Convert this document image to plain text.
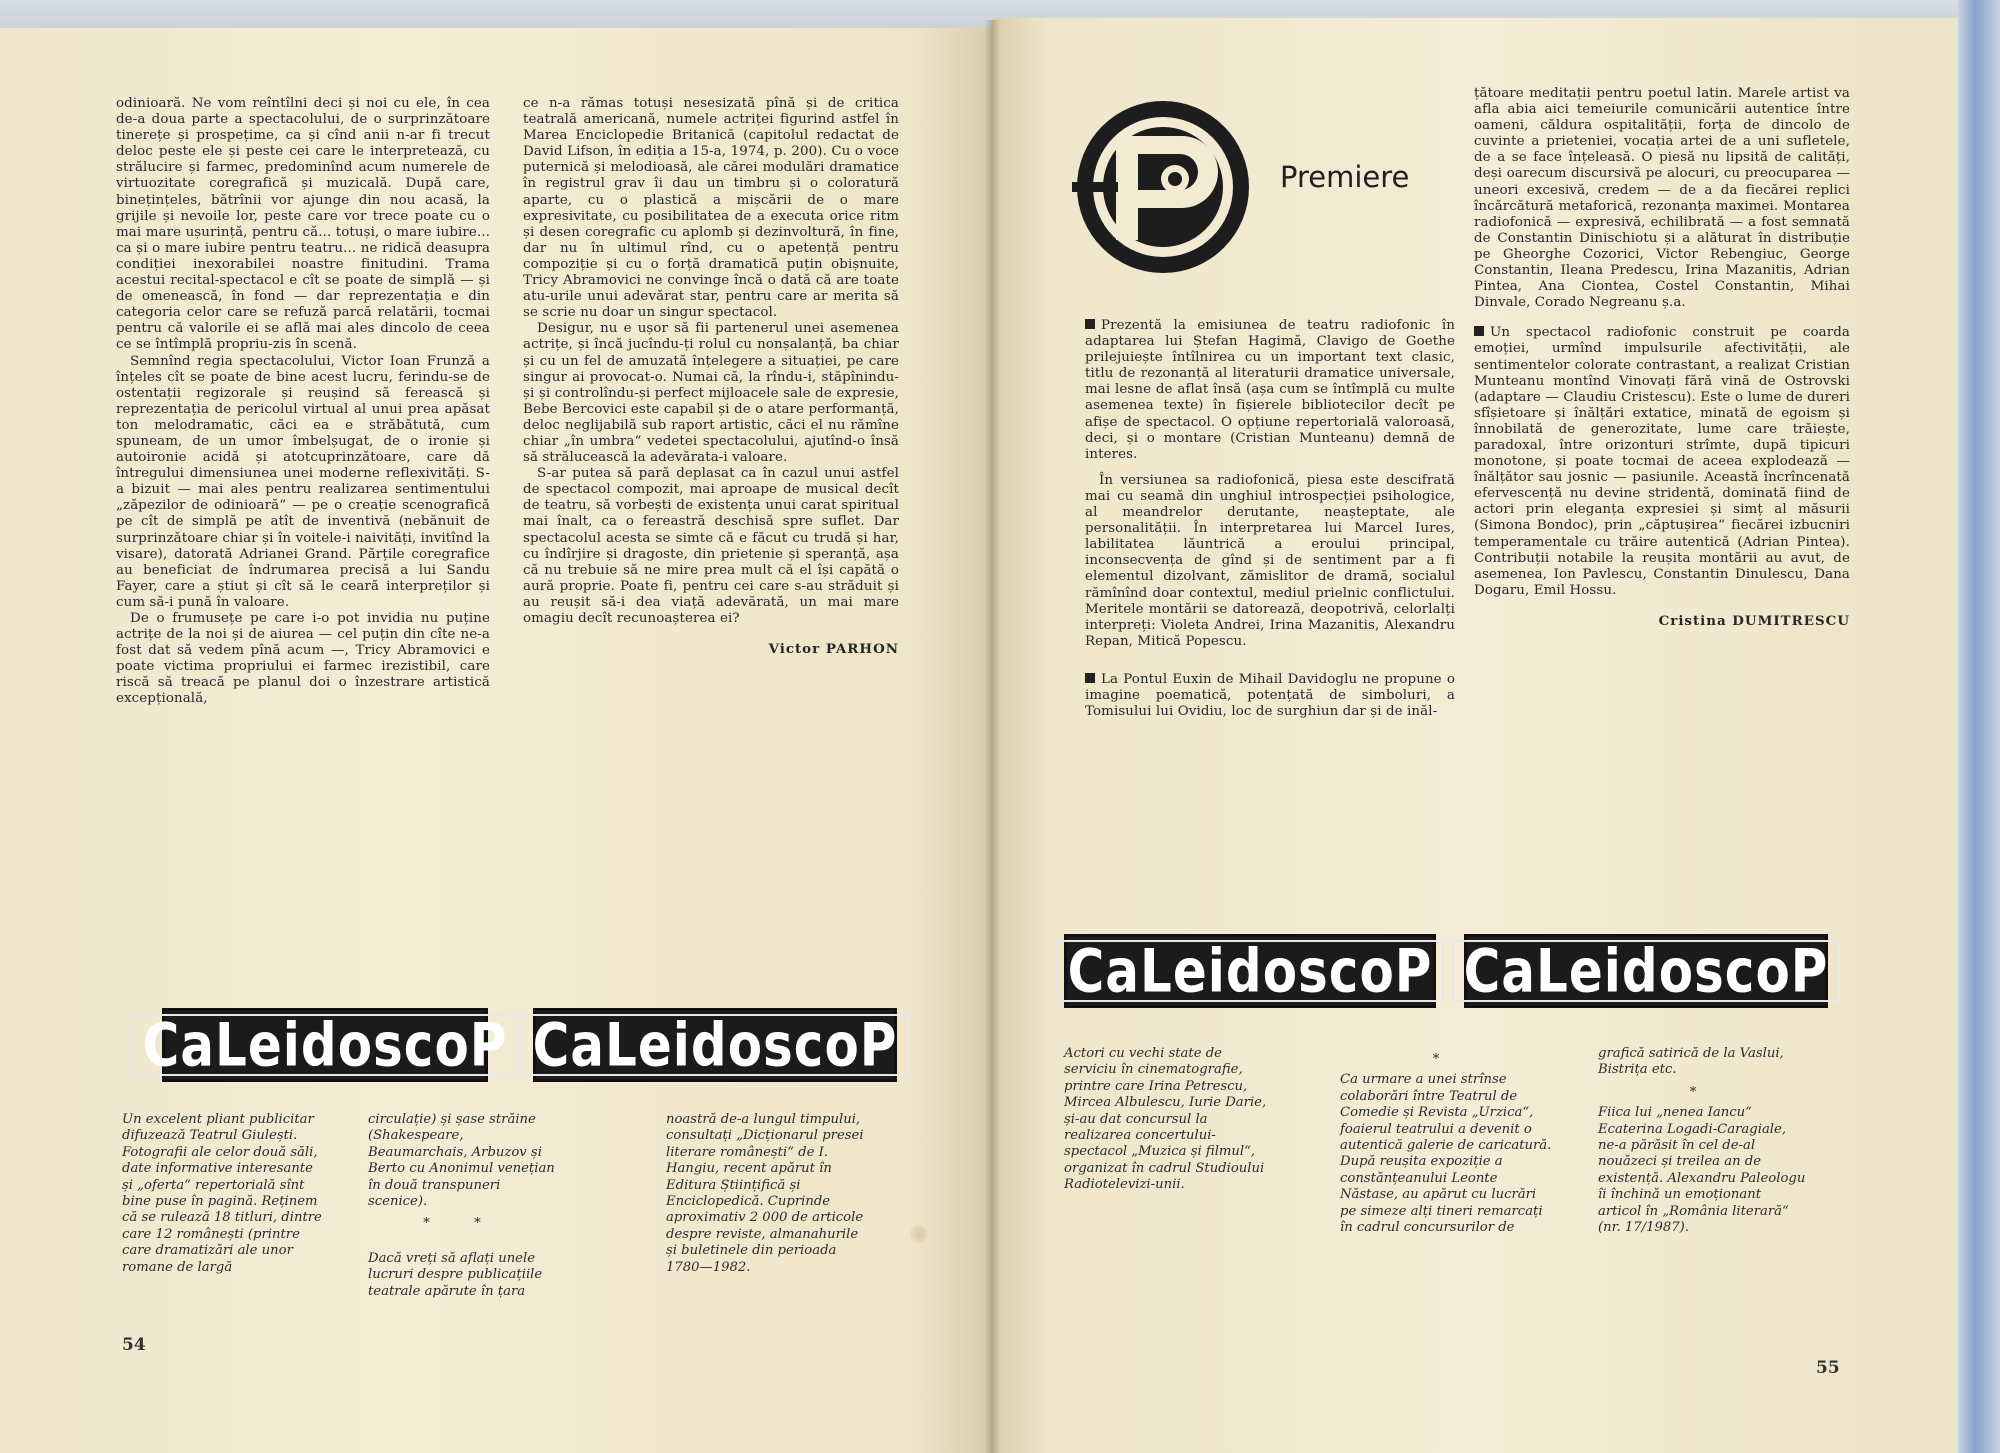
odinioară. Ne vom reîntîlni deci și noi cu ele, în cea de-a doua parte a spectacolului, de o surprinzătoare tinerețe și prospețime, ca și cînd anii n-ar fi trecut deloc peste ele și peste cei care le interpretează, cu strălucire și farmec, predominînd acum numerele de virtuozitate coregrafică și muzicală. După care, binețințeles, bătrînii vor ajunge din nou acasă, la grijile și nevoile lor, peste care vor trece poate cu o mai mare ușurință, pentru că... totuși, o mare iubire... ca și o mare iubire pentru teatru... ne ridică deasupra condiției inexorabilei noastre finitudini. Trama acestui recital-spectacol e cît se poate de simplă — și de omenească, în fond — dar reprezentația e din categoria celor care se refuză parcă relatării, tocmai pentru că valorile ei se află mai ales dincolo de ceea ce se întîmplă propriu-zis în scenă.

Semnînd regia spectacolului, Victor Ioan Frunză a înțeles cît se poate de bine acest lucru, ferindu-se de ostentații regizorale și reușind să ferească și reprezentația de pericolul virtual al unui prea apăsat ton melodramatic, căci ea e străbătută, cum spuneam, de un umor îmbelșugat, de o ironie și autoironie acidă și atotcuprinzătoare, care dă întregului dimensiunea unei moderne reflexivități. S-a bizuit — mai ales pentru realizarea sentimentului „zăpezilor de odinioară“ — pe o creație scenografică pe cît de simplă pe atît de inventivă (nebănuit de surprinzătoare chiar și în voitele-i naivități, invitînd la visare), datorată Adrianei Grand. Părțile coregrafice au beneficiat de îndrumarea precisă a lui Sandu Fayer, care a știut și cît să le ceară interpreților și cum să-i pună în valoare.

De o frumusețe pe care i-o pot invidia nu puține actrițe de la noi și de aiurea — cel puțin din cîte ne-a fost dat să vedem pînă acum —, Tricy Abramovici e poate victima propriului ei farmec irezistibil, care riscă să treacă pe planul doi o înzestrare artistică excepțională,

ce n-a rămas totuși nesesizată pînă și de critica teatrală americană, numele actriței figurind astfel în Marea Enciclopedie Britanică (capitolul redactat de David Lifson, în ediția a 15-a, 1974, p. 200). Cu o voce puternică și melodioasă, ale cărei modulări dramatice în registrul grav îi dau un timbru și o coloratură aparte, cu o plastică a mișcării de o mare expresivitate, cu posibilitatea de a executa orice ritm și desen coregrafic cu aplomb și dezinvoltură, în fine, dar nu în ultimul rînd, cu o apetență pentru compoziție și cu o forță dramatică puțin obișnuite, Tricy Abramovici ne convinge încă o dată că are toate atu-urile unui adevărat star, pentru care ar merita să se scrie nu doar un singur spectacol.

Desigur, nu e ușor să fii partenerul unei asemenea actrițe, și încă jucîndu-ți rolul cu nonșalanță, ba chiar și cu un fel de amuzată înțelegere a situației, pe care singur ai provocat-o. Numai că, la rîndu-i, stăpînindu-și și controlîndu-și perfect mijloacele sale de expresie, Bebe Bercovici este capabil și de o atare performanță, deloc neglijabilă sub raport artistic, căci el nu rămîne chiar „în umbra“ vedetei spectacolului, ajutînd-o însă să strălucească la adevărata-i valoare.

S-ar putea să pară deplasat ca în cazul unui astfel de spectacol compozit, mai aproape de musical decît de teatru, să vorbești de existența unui carat spiritual mai înalt, ca o fereastră deschisă spre suflet. Dar spectacolul acesta se simte că e făcut cu trudă și har, cu îndîrjire și dragoste, din prietenie și speranță, așa că nu trebuie să ne mire prea mult că el își capătă o aură proprie. Poate fi, pentru cei care s-au străduit și au reușit să-i dea viață adevărată, un mai mare omagiu decît recunoașterea ei?

Victor PARHON

CaLeidoscoP CaLeidoscoP

Un excelent pliant publicitar difuzează Teatrul Giulești. Fotografii ale celor două săli, date informative interesante și „oferta“ repertorială sînt bine puse în pagină. Reținem că se rulează 18 titluri, dintre care 12 românești (printre care dramatizări ale unor romane de largă

circulație) și șase străine (Shakespeare, Beaumarchais, Arbuzov și Berto cu Anonimul venețian în două transpuneri scenice).

* *

Dacă vreți să aflați unele lucruri despre publicațiile teatrale apărute în țara

noastră de-a lungul timpului, consultați „Dicționarul presei literare românești“ de I. Hangiu, recent apărut în Editura Științifică și Enciclopedică. Cuprinde aproximativ 2 000 de articole despre reviste, almanahurile și buletinele din perioada 1780—1982.

54
Premiere

Prezentă la emisiunea de teatru radiofonic în adaptarea lui Ștefan Hagimă, Clavigo de Goethe prilejuiește întîlnirea cu un important text clasic, titlu de rezonanță al literaturii dramatice universale, mai lesne de aflat însă (așa cum se întîmplă cu multe asemenea texte) în fișierele bibliotecilor decît pe afișe de spectacol. O opțiune repertorială valoroasă, deci, și o montare (Cristian Munteanu) demnă de interes.

În versiunea sa radiofonică, piesa este descifrată mai cu seamă din unghiul introspecției psihologice, al meandrelor derutante, neașteptate, ale personalității. În interpretarea lui Marcel Iures, labilitatea lăuntrică a eroului principal, inconsecvența de gînd și de sentiment par a fi elementul dizolvant, zămislitor de dramă, socialul rămînînd doar contextul, mediul prielnic conflictului. Meritele montării se datorează, deopotrivă, celorlalți interpreți: Violeta Andrei, Irina Mazanitis, Alexandru Repan, Mitică Popescu.

La Pontul Euxin de Mihail Davidoglu ne propune o imagine poematică, potențată de simboluri, a Tomisului lui Ovidiu, loc de surghiun dar și de inăl-

țătoare meditații pentru poetul latin. Marele artist va afla abia aici temeiurile comunicării autentice între oameni, căldura ospitalității, forța de dincolo de cuvinte a prieteniei, vocația artei de a uni sufletele, de a se face înțeleasă. O piesă nu lipsită de calități, deși oarecum discursivă pe alocuri, cu preocuparea — uneori excesivă, credem — de a da fiecărei replici încărcătură metaforică, rezonanța maximei. Montarea radiofonică — expresivă, echilibrată — a fost semnată de Constantin Dinischiotu și a alăturat în distribuție pe Gheorghe Cozorici, Victor Rebengiuc, George Constantin, Ileana Predescu, Irina Mazanitis, Adrian Pintea, Ana Ciontea, Costel Constantin, Mihai Dinvale, Corado Negreanu ș.a.

Un spectacol radiofonic construit pe coarda emoției, urmînd impulsurile afectivității, ale sentimentelor colorate contrastant, a realizat Cristian Munteanu montînd Vinovați fără vină de Ostrovski (adaptare — Claudiu Cristescu). Este o lume de dureri sfîșietoare și înălțări extatice, minată de egoism și înnobilată de generozitate, lume care trăiește, paradoxal, între orizonturi strîmte, după tipicuri monotone, și poate tocmai de aceea explodează — înălțător sau josnic — pasiunile. Această încrîncenată efervescență nu devine stridentă, dominată fiind de actori prin eleganța expresiei și simț al măsurii (Simona Bondoc), prin „căptușirea“ fiecărei izbucniri temperamentale cu trăire autentică (Adrian Pintea). Contribuții notabile la reușita montării au avut, de asemenea, Ion Pavlescu, Constantin Dinulescu, Dana Dogaru, Emil Hossu.

Cristina DUMITRESCU

CaLeidoscoP CaLeidoscoP

Actori cu vechi state de serviciu în cinematografie, printre care Irina Petrescu, Mircea Albulescu, Iurie Darie, și-au dat concursul la realizarea concertului-spectacol „Muzica și filmul“, organizat în cadrul Studioului Radiotelevizi-unii.

*

Ca urmare a unei strînse colaborări între Teatrul de Comedie și Revista „Urzica“, foaierul teatrului a devenit o autentică galerie de caricatură. După reușita expoziție a constănțeanului Leonte Năstase, au apărut cu lucrări pe simeze alți tineri remarcați în cadrul concursurilor de

grafică satirică de la Vaslui, Bistrița etc.

*

Fiica lui „nenea Iancu“ Ecaterina Logadi-Caragiale, ne-a părăsit în cel de-al nouăzeci și treilea an de existență. Alexandru Paleologu îi închină un emoționant articol în „România literară“ (nr. 17/1987).

55
